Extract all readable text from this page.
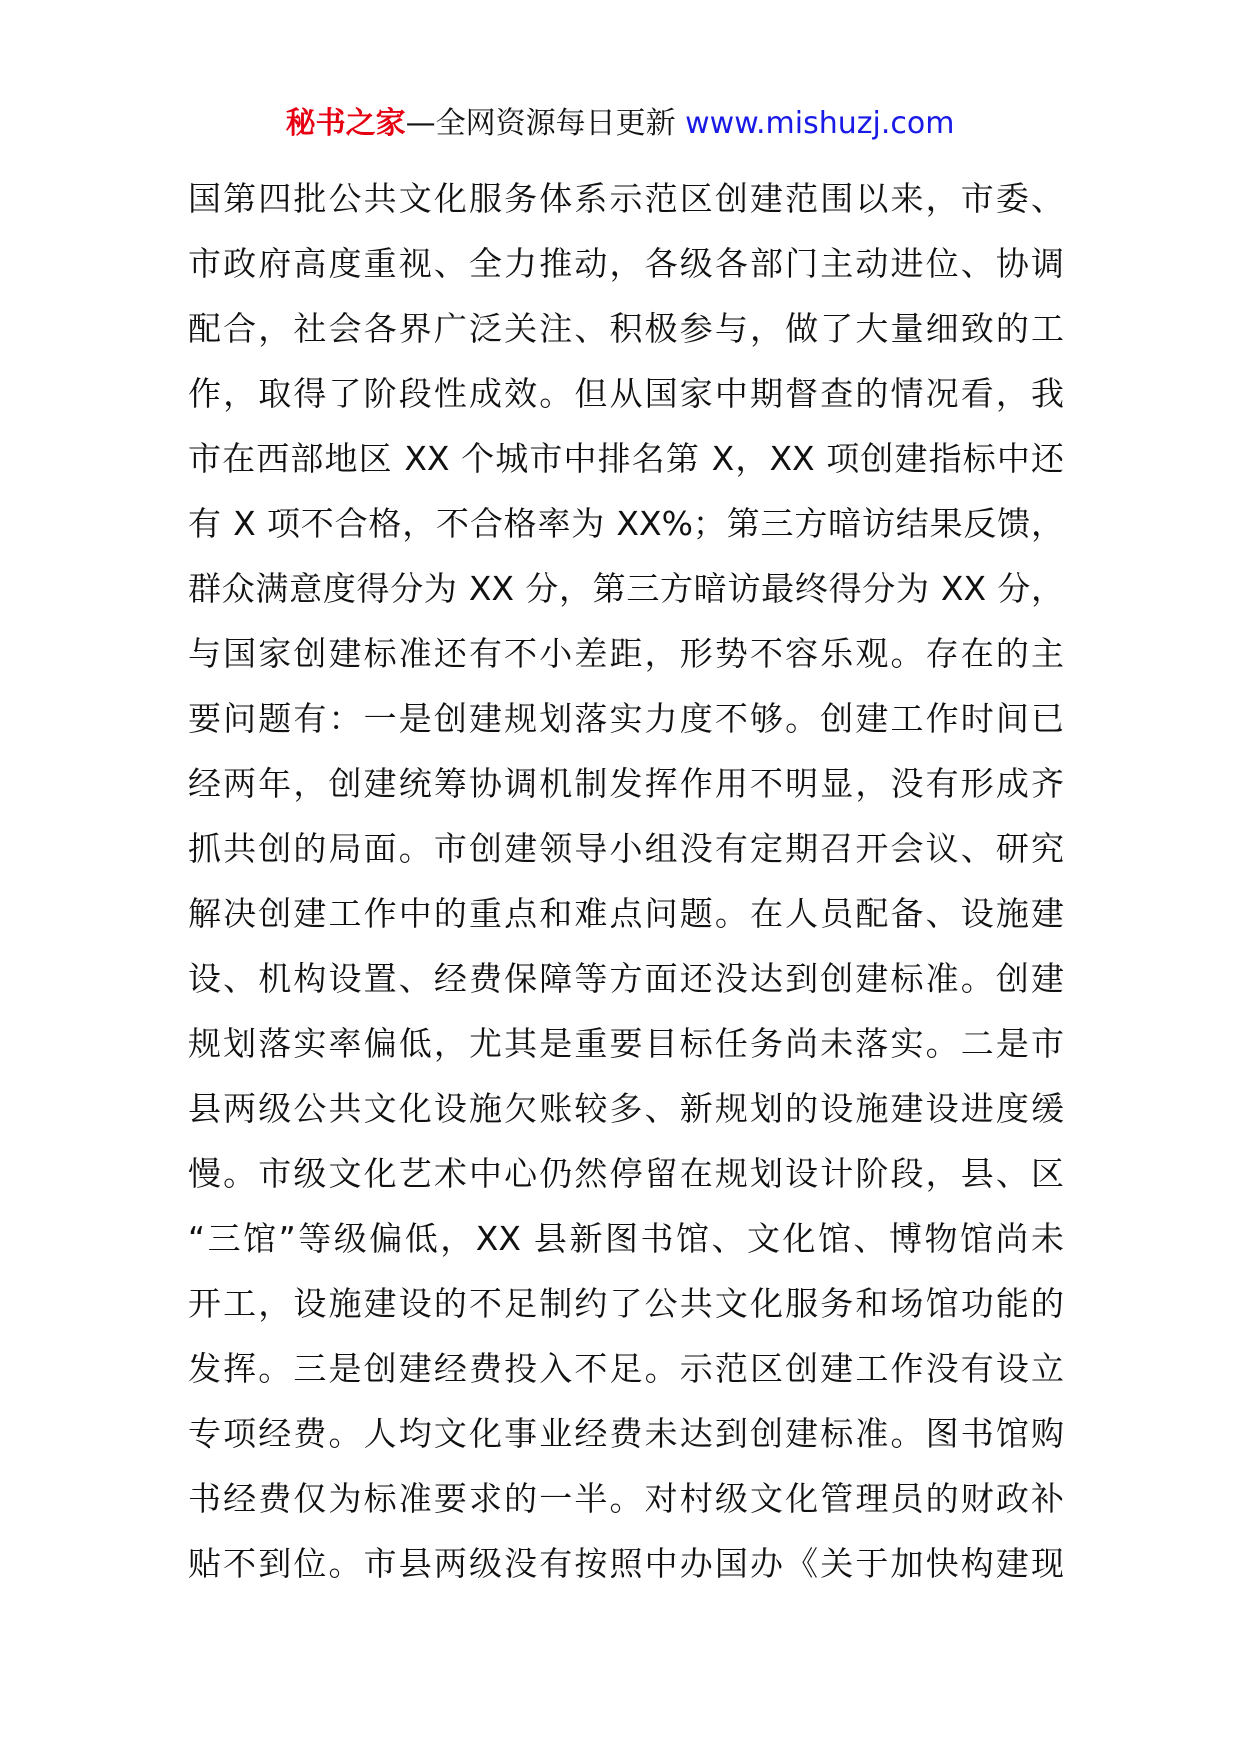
秘书之家—全网资源每日更新 www.mishuzj.com
国第四批公共文化服务体系示范区创建范围以来，市委、
市政府高度重视、全力推动，各级各部门主动进位、协调
配合，社会各界广泛关注、积极参与，做了大量细致的工
作，取得了阶段性成效。但从国家中期督查的情况看，我
市在西部地区 XX 个城市中排名第 X，XX 项创建指标中还
有 X 项不合格，不合格率为 XX%；第三方暗访结果反馈，
群众满意度得分为 XX 分，第三方暗访最终得分为 XX 分，
与国家创建标准还有不小差距，形势不容乐观。存在的主
要问题有：一是创建规划落实力度不够。创建工作时间已
经两年，创建统筹协调机制发挥作用不明显，没有形成齐
抓共创的局面。市创建领导小组没有定期召开会议、研究
解决创建工作中的重点和难点问题。在人员配备、设施建
设、机构设置、经费保障等方面还没达到创建标准。创建
规划落实率偏低，尤其是重要目标任务尚未落实。二是市
县两级公共文化设施欠账较多、新规划的设施建设进度缓
慢。市级文化艺术中心仍然停留在规划设计阶段，县、区
“三馆”等级偏低，XX 县新图书馆、文化馆、博物馆尚未
开工，设施建设的不足制约了公共文化服务和场馆功能的
发挥。三是创建经费投入不足。示范区创建工作没有设立
专项经费。人均文化事业经费未达到创建标准。图书馆购
书经费仅为标准要求的一半。对村级文化管理员的财政补
贴不到位。市县两级没有按照中办国办《关于加快构建现
